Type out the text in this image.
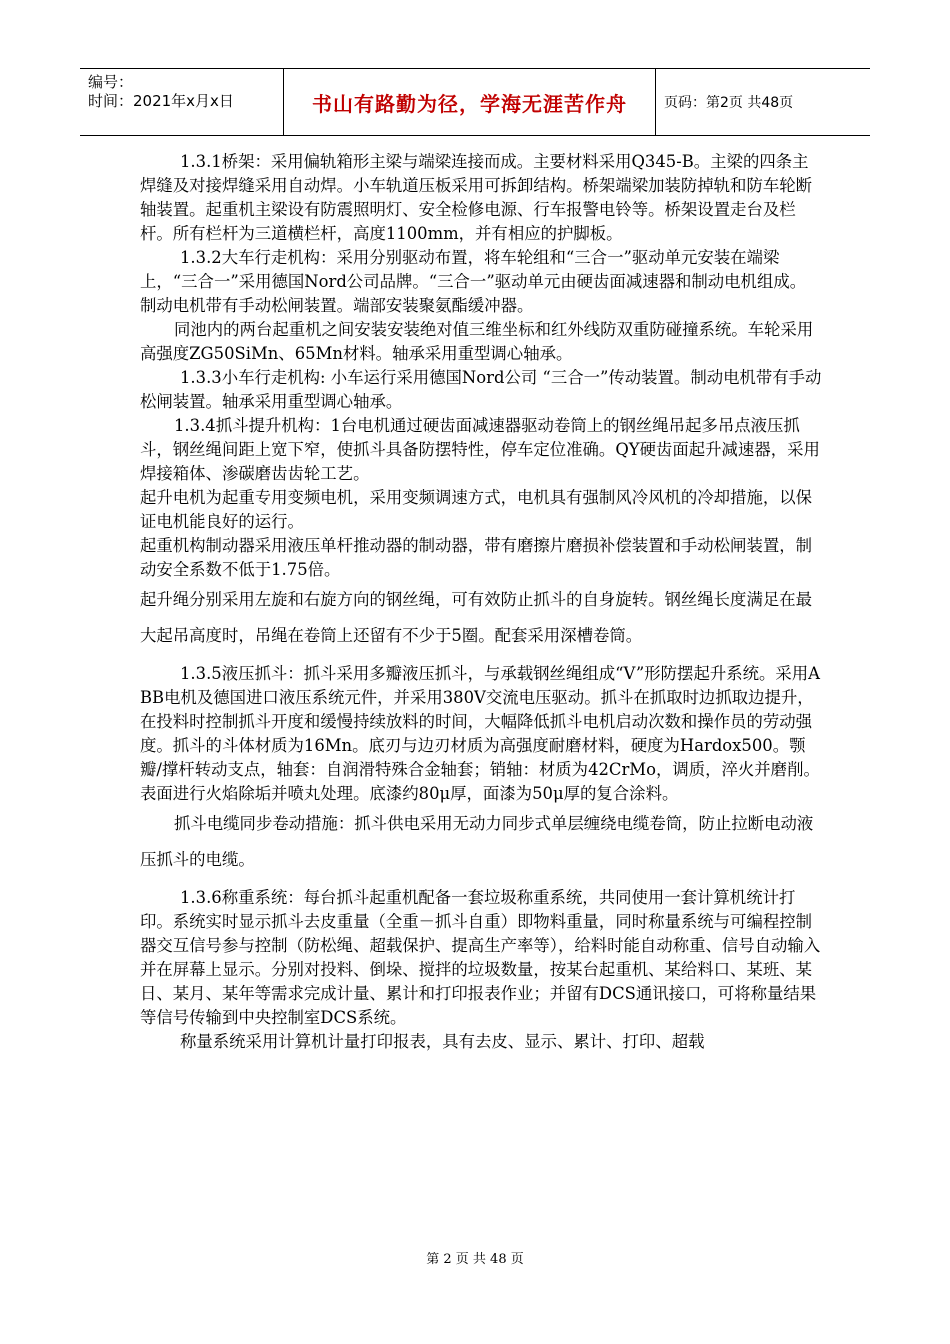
编号：
时间：2021年x月x日	书山有路勤为径，学海无涯苦作舟	页码：第2页 共48页

1.3.1桥架：采用偏轨箱形主梁与端梁连接而成。主要材料采用Q345-B。主梁的四条主焊缝及对接焊缝采用自动焊。小车轨道压板采用可拆卸结构。桥架端梁加装防掉轨和防车轮断轴装置。起重机主梁设有防震照明灯、安全检修电源、行车报警电铃等。桥架设置走台及栏杆。所有栏杆为三道横栏杆，高度1100mm，并有相应的护脚板。

1.3.2大车行走机构：采用分别驱动布置，将车轮组和“三合一”驱动单元安装在端梁上，“三合一”采用德国Nord公司品牌。“三合一”驱动单元由硬齿面减速器和制动电机组成。制动电机带有手动松闸装置。端部安装聚氨酯缓冲器。

同池内的两台起重机之间安装安装绝对值三维坐标和红外线防双重防碰撞系统。车轮采用高强度ZG50SiMn、65Mn材料。轴承采用重型调心轴承。

1.3.3小车行走机构: 小车运行采用德国Nord公司 “三合一”传动装置。制动电机带有手动松闸装置。轴承采用重型调心轴承。

1.3.4抓斗提升机构：1台电机通过硬齿面减速器驱动卷筒上的钢丝绳吊起多吊点液压抓斗，钢丝绳间距上宽下窄，使抓斗具备防摆特性，停车定位准确。QY硬齿面起升减速器，采用焊接箱体、渗碳磨齿齿轮工艺。

起升电机为起重专用变频电机，采用变频调速方式，电机具有强制风冷风机的冷却措施，以保证电机能良好的运行。

起重机构制动器采用液压单杆推动器的制动器，带有磨擦片磨损补偿装置和手动松闸装置，制动安全系数不低于1.75倍。

起升绳分别采用左旋和右旋方向的钢丝绳，可有效防止抓斗的自身旋转。钢丝绳长度满足在最大起吊高度时，吊绳在卷筒上还留有不少于5圈。配套采用深槽卷筒。

1.3.5液压抓斗：抓斗采用多瓣液压抓斗，与承载钢丝绳组成“V”形防摆起升系统。采用ABB电机及德国进口液压系统元件，并采用380V交流电压驱动。抓斗在抓取时边抓取边提升，在投料时控制抓斗开度和缓慢持续放料的时间，大幅降低抓斗电机启动次数和操作员的劳动强度。抓斗的斗体材质为16Mn。底刃与边刃材质为高强度耐磨材料，硬度为Hardox500。颚瓣/撑杆转动支点，轴套：自润滑特殊合金轴套；销轴：材质为42CrMo，调质，淬火并磨削。表面进行火焰除垢并喷丸处理。底漆约80μ厚，面漆为50μ厚的复合涂料。

抓斗电缆同步卷动措施：抓斗供电采用无动力同步式单层缠绕电缆卷筒，防止拉断电动液压抓斗的电缆。

1.3.6称重系统：每台抓斗起重机配备一套垃圾称重系统，共同使用一套计算机统计打印。系统实时显示抓斗去皮重量（全重－抓斗自重）即物料重量，同时称量系统与可编程控制器交互信号参与控制（防松绳、超载保护、提高生产率等），给料时能自动称重、信号自动输入并在屏幕上显示。分别对投料、倒垛、搅拌的垃圾数量，按某台起重机、某给料口、某班、某日、某月、某年等需求完成计量、累计和打印报表作业；并留有DCS通讯接口，可将称量结果等信号传输到中央控制室DCS系统。

称量系统采用计算机计量打印报表，具有去皮、显示、累计、打印、超载

第 2 页 共 48 页
